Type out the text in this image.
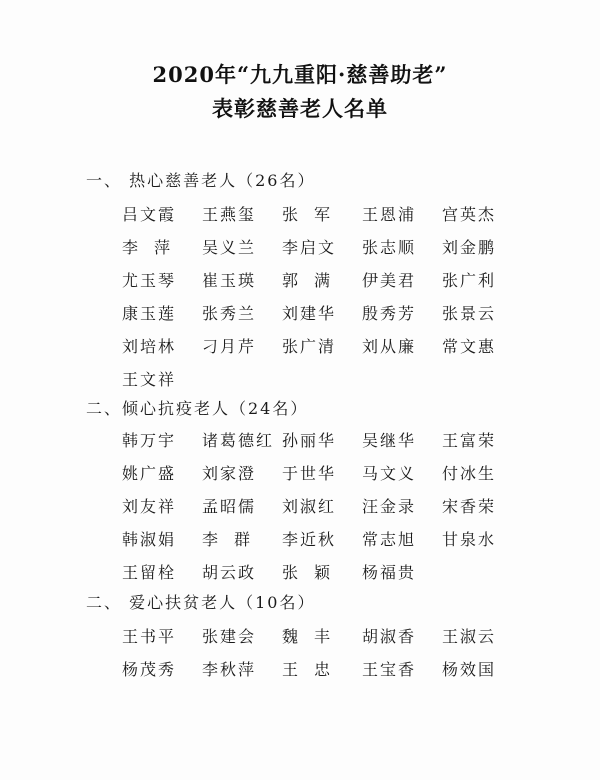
2020年“九九重阳·慈善助老”
表彰慈善老人名单
一、 热心慈善老人（26名）
吕文霞	王燕玺	张　军	王恩浦	宫英杰
李　萍	吴义兰	李启文	张志顺	刘金鹏
尤玉琴	崔玉瑛	郭　满	伊美君	张广利
康玉莲	张秀兰	刘建华	殷秀芳	张景云
刘培林	刁月芹	张广清	刘从廉	常文惠
王文祥
二、倾心抗疫老人（24名）
韩万宇	诸葛德红 孙丽华	吴继华	王富荣
姚广盛	刘家澄	于世华	马文义	付冰生
刘友祥	孟昭儒	刘淑红	汪金录	宋香荣
韩淑娟	李　群	李近秋	常志旭	甘泉水
王留栓	胡云政	张　颖	杨福贵
二、 爱心扶贫老人（10名）
王书平	张建会	魏　丰	胡淑香	王淑云
杨茂秀	李秋萍	王　忠	王宝香	杨效国
